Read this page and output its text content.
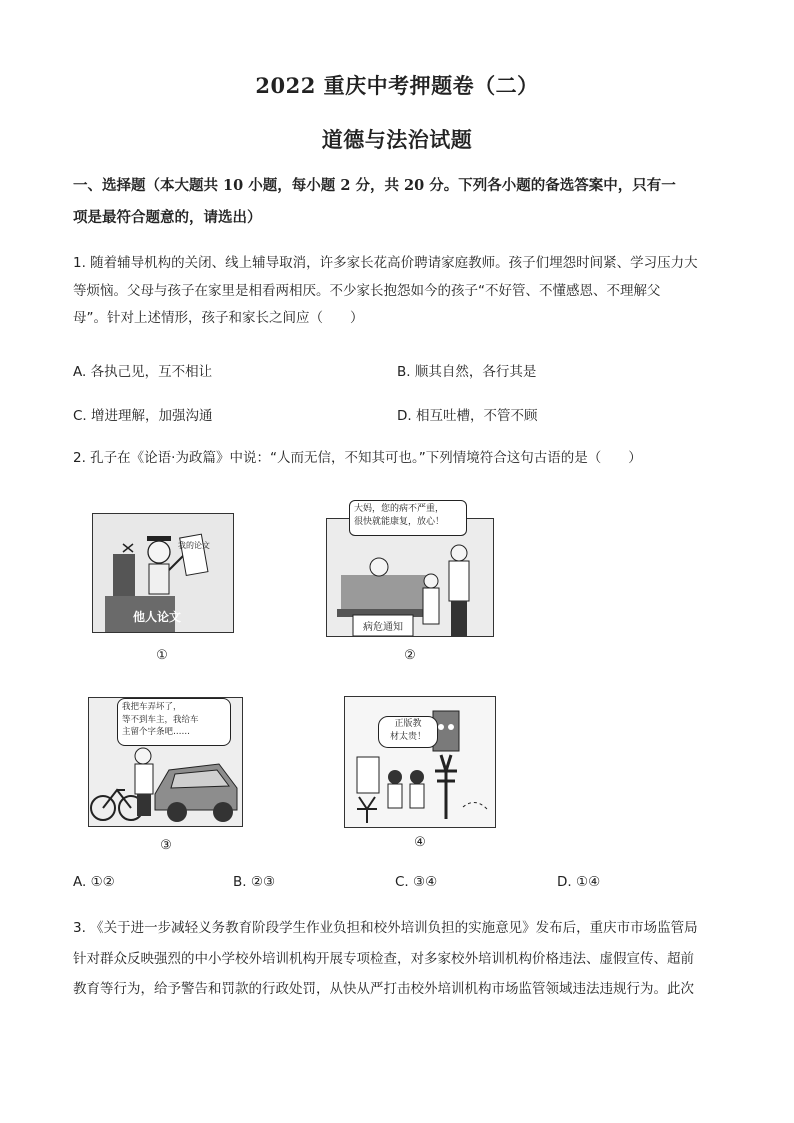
2022 重庆中考押题卷（二）
道德与法治试题
一、选择题（本大题共 10 小题，每小题 2 分，共 20 分。下列各小题的备选答案中，只有一
项是最符合题意的，请选出）
1. 随着辅导机构的关闭、线上辅导取消，许多家长花高价聘请家庭教师。孩子们埋怨时间紧、学习压力大
等烦恼。父母与孩子在家里是相看两相厌。不少家长抱怨如今的孩子“不好管、不懂感恩、不理解父
母”。针对上述情形，孩子和家长之间应（　　）
A. 各执己见，互不相让	B. 顺其自然，各行其是
C. 增进理解，加强沟通	D. 相互吐槽，不管不顾
2. 孔子在《论语·为政篇》中说：“人而无信，不知其可也。”下列情境符合这句古语的是（　　）
我的论文
他人论文
①
病危通知
大妈，您的病不严重，
很快就能康复，放心！
②
我把车弄坏了，
等不到车主，我给车
主留个字条吧……
③
正版教
材太贵！
④
A. ①②	B. ②③	C. ③④	D. ①④
3. 《关于进一步减轻义务教育阶段学生作业负担和校外培训负担的实施意见》发布后，重庆市市场监管局
针对群众反映强烈的中小学校外培训机构开展专项检查，对多家校外培训机构价格违法、虚假宣传、超前
教育等行为，给予警告和罚款的行政处罚，从快从严打击校外培训机构市场监管领域违法违规行为。此次
